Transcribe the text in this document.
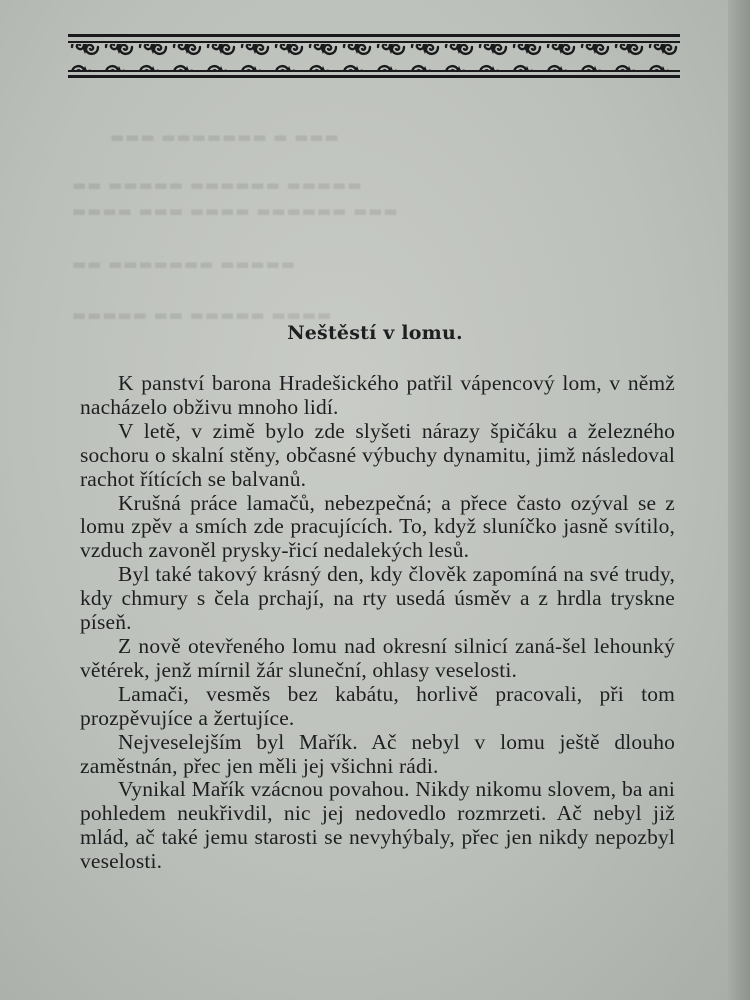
▬▬▬ ▬▬▬▬▬▬▬ ▬ ▬▬▬
▬▬ ▬▬▬▬▬ ▬▬▬▬▬▬ ▬▬▬▬▬
▬▬▬▬ ▬▬▬ ▬▬▬▬ ▬▬▬▬▬▬ ▬▬▬
▬▬ ▬▬▬▬▬▬▬ ▬▬▬▬▬
▬▬▬▬▬ ▬▬ ▬▬▬▬▬ ▬▬▬▬
Neštěstí v lomu.

K panství barona Hradešického patřil vápencový lom, v němž nacházelo obživu mnoho lidí.

V letě, v zimě bylo zde slyšeti nárazy špičáku a železného sochoru o skalní stěny, občasné výbuchy dynamitu, jimž následoval rachot řítících se balvanů.

Krušná práce lamačů, nebezpečná; a přece často ozýval se z lomu zpěv a smích zde pracujících. To, když sluníčko jasně svítilo, vzduch zavoněl prysky-řicí nedalekých lesů.

Byl také takový krásný den, kdy člověk zapomíná na své trudy, kdy chmury s čela prchají, na rty usedá úsměv a z hrdla tryskne píseň.

Z nově otevřeného lomu nad okresní silnicí zaná-šel lehounký větérek, jenž mírnil žár sluneční, ohlasy veselosti.

Lamači, vesměs bez kabátu, horlivě pracovali, při tom prozpěvujíce a žertujíce.

Nejveselejším byl Mařík. Ač nebyl v lomu ještě dlouho zaměstnán, přec jen měli jej všichni rádi.

Vynikal Mařík vzácnou povahou. Nikdy nikomu slovem, ba ani pohledem neukřivdil, nic jej nedovedlo rozmrzeti. Ač nebyl již mlád, ač také jemu starosti se nevyhýbaly, přec jen nikdy nepozbyl veselosti.
